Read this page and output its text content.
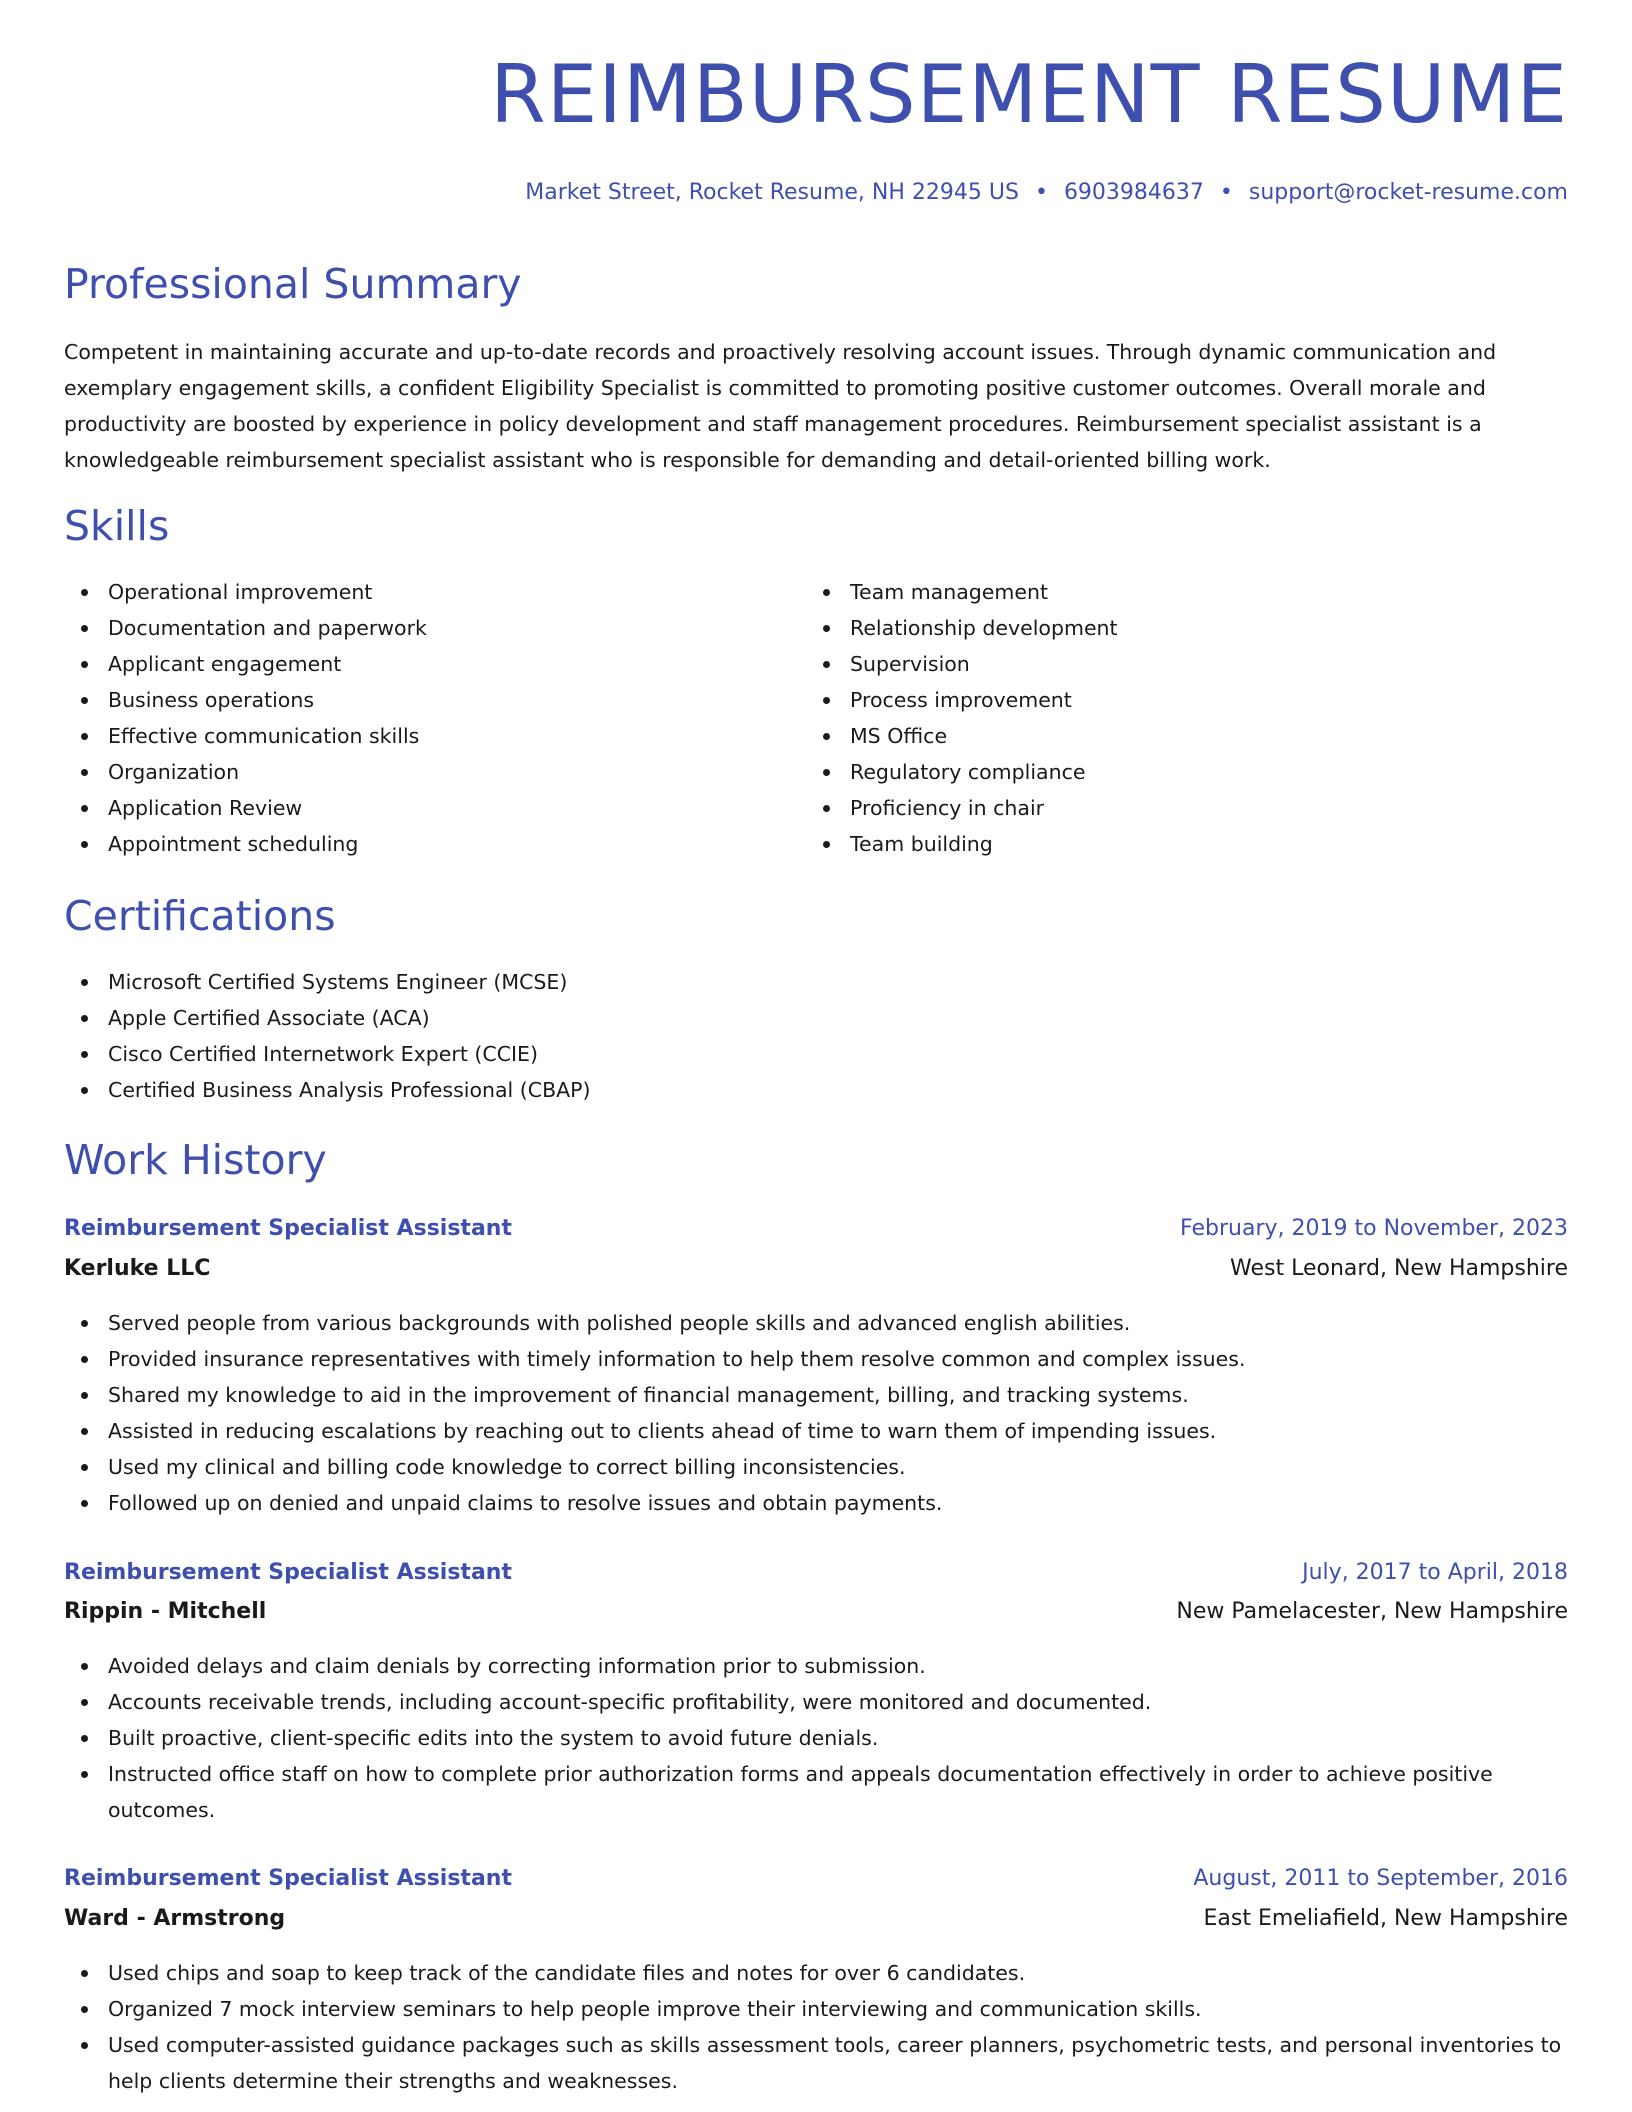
REIMBURSEMENT RESUME
Market Street, Rocket Resume, NH 22945 US • 6903984637 • support@rocket-resume.com
Professional Summary

Competent in maintaining accurate and up-to-date records and proactively resolving account issues. Through dynamic communication and exemplary engagement skills, a confident Eligibility Specialist is committed to promoting positive customer outcomes. Overall morale and productivity are boosted by experience in policy development and staff management procedures. Reimbursement specialist assistant is a knowledgeable reimbursement specialist assistant who is responsible for demanding and detail-oriented billing work.

Skills
Operational improvement
Documentation and paperwork
Applicant engagement
Business operations
Effective communication skills
Organization
Application Review
Appointment scheduling
Team management
Relationship development
Supervision
Process improvement
MS Office
Regulatory compliance
Proficiency in chair
Team building
Certifications
Microsoft Certified Systems Engineer (MCSE)
Apple Certified Associate (ACA)
Cisco Certified Internetwork Expert (CCIE)
Certified Business Analysis Professional (CBAP)
Work History
Reimbursement Specialist Assistant	February, 2019 to November, 2023
Kerluke LLC	West Leonard, New Hampshire
Served people from various backgrounds with polished people skills and advanced english abilities.
Provided insurance representatives with timely information to help them resolve common and complex issues.
Shared my knowledge to aid in the improvement of financial management, billing, and tracking systems.
Assisted in reducing escalations by reaching out to clients ahead of time to warn them of impending issues.
Used my clinical and billing code knowledge to correct billing inconsistencies.
Followed up on denied and unpaid claims to resolve issues and obtain payments.
Reimbursement Specialist Assistant	July, 2017 to April, 2018
Rippin - Mitchell	New Pamelacester, New Hampshire
Avoided delays and claim denials by correcting information prior to submission.
Accounts receivable trends, including account-specific profitability, were monitored and documented.
Built proactive, client-specific edits into the system to avoid future denials.
Instructed office staff on how to complete prior authorization forms and appeals documentation effectively in order to achieve positive outcomes.
Reimbursement Specialist Assistant	August, 2011 to September, 2016
Ward - Armstrong	East Emeliafield, New Hampshire
Used chips and soap to keep track of the candidate files and notes for over 6 candidates.
Organized 7 mock interview seminars to help people improve their interviewing and communication skills.
Used computer-assisted guidance packages such as skills assessment tools, career planners, psychometric tests, and personal inventories to help clients determine their strengths and weaknesses.
